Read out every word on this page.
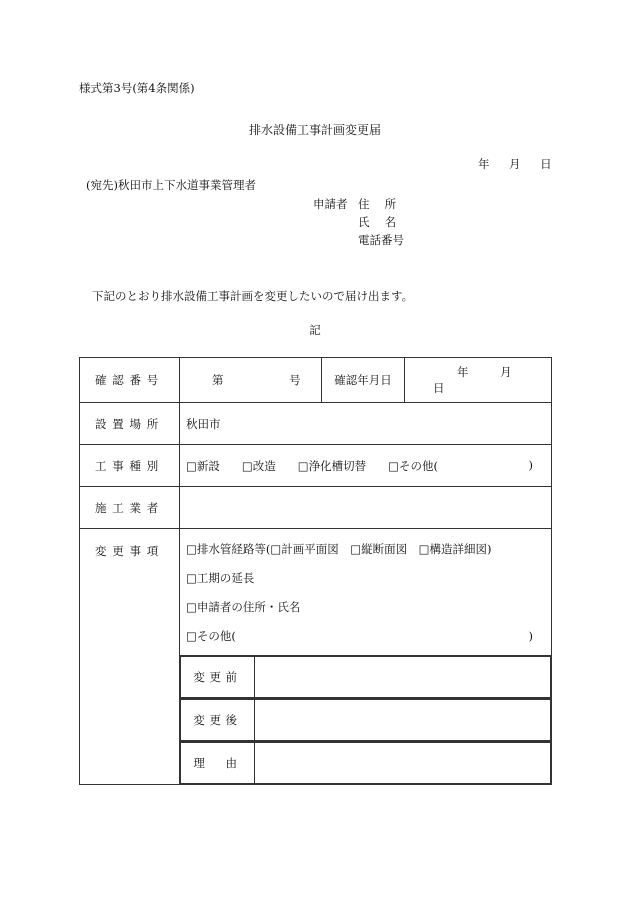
様式第3号(第4条関係)
排水設備工事計画変更届
年　月　日
(宛先)秋田市上下水道事業管理者
申請者 住　 所
氏　 名
電話番号
下記のとおり排水設備工事計画を変更したいので届け出ます。
記
確認番号	第	号	確認年月日	年	月 日
設置場所	秋田市
工事種別	□新設 □改造 □浄化槽切替 □その他(	)

施工業者	
変更事項	□排水管経路等(□計画平面図　□縦断面図　□構造詳細図)
□工期の延長
□申請者の住所・氏名
□その他(	)

変更前	

変更後	

理　由	
